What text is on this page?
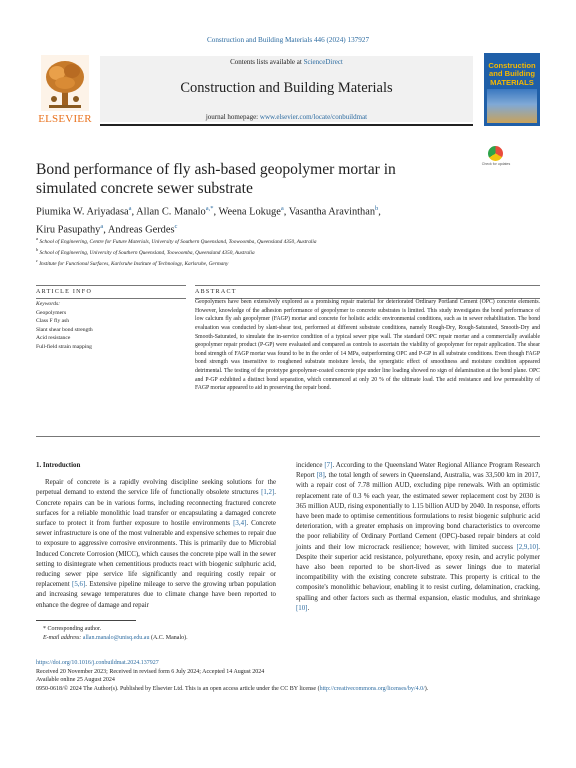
Construction and Building Materials 446 (2024) 137927
ELSEVIER
Contents lists available at ScienceDirect
Construction and Building Materials
journal homepage: www.elsevier.com/locate/conbuildmat
Construction and Building MATERIALS
Bond performance of fly ash-based geopolymer mortar in simulated concrete sewer substrate
Check for updates
Piumika W. Ariyadasa$^a$, Allan C. Manalo$^{a,*}$, Weena Lokuge$^a$, Vasantha Aravinthan$^b$,
Kiru Pasupathy$^a$, Andreas Gerdes$^c$
$^a$ School of Engineering, Centre for Future Materials, University of Southern Queensland, Toowoomba, Queensland 4350, Australia
$^b$ School of Engineering, University of Southern Queensland, Toowoomba, Queensland 4350, Australia
$^c$ Institute for Functional Surfaces, Karlsruhe Institute of Technology, Karlsruhe, Germany
ARTICLE INFO	ABSTRACT
Keywords:
Geopolymers
Class F fly ash
Slant shear bond strength
Acid resistance
Full-field strain mapping
Geopolymers have been extensively explored as a promising repair material for deteriorated Ordinary Portland Cement (OPC) concrete elements. However, knowledge of the adhesion performance of geopolymer to concrete substrates is limited. This study investigates the bond performance of low calcium fly ash geopolymer (FAGP) mortar and concrete for holistic acidic environmental conditions, such as in sewer rehabilitation. The bond evaluation was conducted by slant-shear test, performed at different substrate conditions, namely Rough-Dry, Rough-Saturated, Smooth-Dry and Smooth-Saturated, to simulate the in-service condition of a typical sewer pipe wall. The standard OPC repair mortar and a commercially available geopolymer repair product (P-GP) were evaluated and compared as controls to ascertain the viability of geopolymer for repair application. The shear bond strength of FAGP mortar was found to be in the order of 14 MPa, outperforming OPC and P-GP in all substrate conditions. Even though FAGP bond strength was insensitive to roughened substrate moisture levels, the synergistic effect of smoothness and moisture condition appeared detrimental. The testing of the prototype geopolymer-coated concrete pipe under line loading showed no sign of delamination at the bond plane. OPC and P-GP exhibited a distinct bond separation, which commenced at only 20 % of the ultimate load. The acid resistance and low permeability of FAGP mortar appeared to aid in preserving the repair bond.
1. Introduction
Repair of concrete is a rapidly evolving discipline seeking solutions for the perpetual demand to extend the service life of functionally obsolete structures [1,2]. Concrete repairs can be in various forms, including reconnecting fractured concrete surfaces for a reliable monolithic load transfer or encapsulating a damaged concrete surface to protect it from further exposure to hostile environments [3,4]. Concrete sewer infrastructure is one of the most vulnerable and expensive schemes to repair due to exposure to aggressive corrosive environments. This is primarily due to Microbial Induced Concrete Corrosion (MICC), which causes the concrete pipe wall in the sewer setting to disintegrate when cementitious products react with biogenic sulphuric acid, reducing sewer pipe service life significantly and requiring costly repair or replacement [5,6]. Extensive pipeline mileage to serve the growing urban population and increasing sewage temperatures due to climate change have been reported to enhance the degree of damage and repair
incidence [7]. According to the Queensland Water Regional Alliance Program Research Report [8], the total length of sewers in Queensland, Australia, was 33,500 km in 2017, with a repair cost of 7.78 million AUD, excluding pipe renewals. With an optimistic replacement rate of 0.3 % each year, the estimated sewer replacement cost by 2030 is 365 million AUD, rising exponentially to 1.15 billion AUD by 2040. In response, efforts have been made to optimise cementitious formulations to resist biogenic sulphuric acid deterioration, with a greater emphasis on improving bond characteristics to overcome the poor reliability of Ordinary Portland Cement (OPC)-based repair binders at cold joints and their low microcrack resilience; however, with limited success [2,9,10]. Despite their superior acid resistance, polyurethane, epoxy resin, and acrylic polymer have also been reported to be short-lived as sewer linings due to material incompatibility with the existing concrete substrate. This property is critical to the composite's monolithic behaviour, enabling it to resist curling, delamination, cracking, spalling and other factors such as thermal expansion, elastic modulus, and shrinkage [10].
* Corresponding author.
E-mail address: allan.manalo@unisq.edu.au (A.C. Manalo).
https://doi.org/10.1016/j.conbuildmat.2024.137927
Received 20 November 2023; Received in revised form 6 July 2024; Accepted 14 August 2024
Available online 25 August 2024
0950-0618/© 2024 The Author(s). Published by Elsevier Ltd. This is an open access article under the CC BY license (http://creativecommons.org/licenses/by/4.0/).
